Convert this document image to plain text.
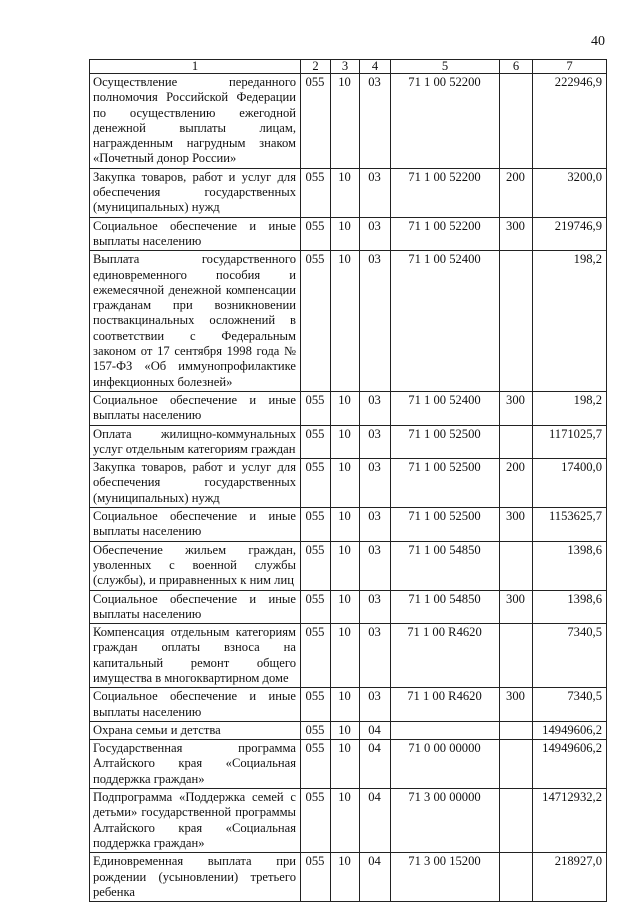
40
1	2	3	4	5	6	7
Осуществление переданного полномочия Российской Федерации по осуществлению ежегодной денежной выплаты лицам, награжденным нагрудным знаком «Почетный донор России»	055	10	03	71 1 00 52200		222946,9
Закупка товаров, работ и услуг для обеспечения государственных (муниципальных) нужд	055	10	03	71 1 00 52200	200	3200,0
Социальное обеспечение и иные выплаты населению	055	10	03	71 1 00 52200	300	219746,9
Выплата государственного единовременного пособия и ежемесячной денежной компенсации гражданам при возникновении поствакцинальных осложнений в соответствии с Федеральным законом от 17 сентября 1998 года № 157-ФЗ «Об иммунопрофилактике инфекционных болезней»	055	10	03	71 1 00 52400		198,2
Социальное обеспечение и иные выплаты населению	055	10	03	71 1 00 52400	300	198,2
Оплата жилищно-коммунальных услуг отдельным категориям граждан	055	10	03	71 1 00 52500		1171025,7
Закупка товаров, работ и услуг для обеспечения государственных (муниципальных) нужд	055	10	03	71 1 00 52500	200	17400,0
Социальное обеспечение и иные выплаты населению	055	10	03	71 1 00 52500	300	1153625,7
Обеспечение жильем граждан, уволенных с военной службы (службы), и приравненных к ним лиц	055	10	03	71 1 00 54850		1398,6
Социальное обеспечение и иные выплаты населению	055	10	03	71 1 00 54850	300	1398,6
Компенсация отдельным категориям граждан оплаты взноса на капитальный ремонт общего имущества в многоквартирном доме	055	10	03	71 1 00 R4620		7340,5
Социальное обеспечение и иные выплаты населению	055	10	03	71 1 00 R4620	300	7340,5
Охрана семьи и детства	055	10	04			14949606,2
Государственная программа Алтайского края «Социальная поддержка граждан»	055	10	04	71 0 00 00000		14949606,2
Подпрограмма «Поддержка семей с детьми» государственной программы Алтайского края «Социальная поддержка граждан»	055	10	04	71 3 00 00000		14712932,2
Единовременная выплата при рождении (усыновлении) третьего ребенка	055	10	04	71 3 00 15200		218927,0
